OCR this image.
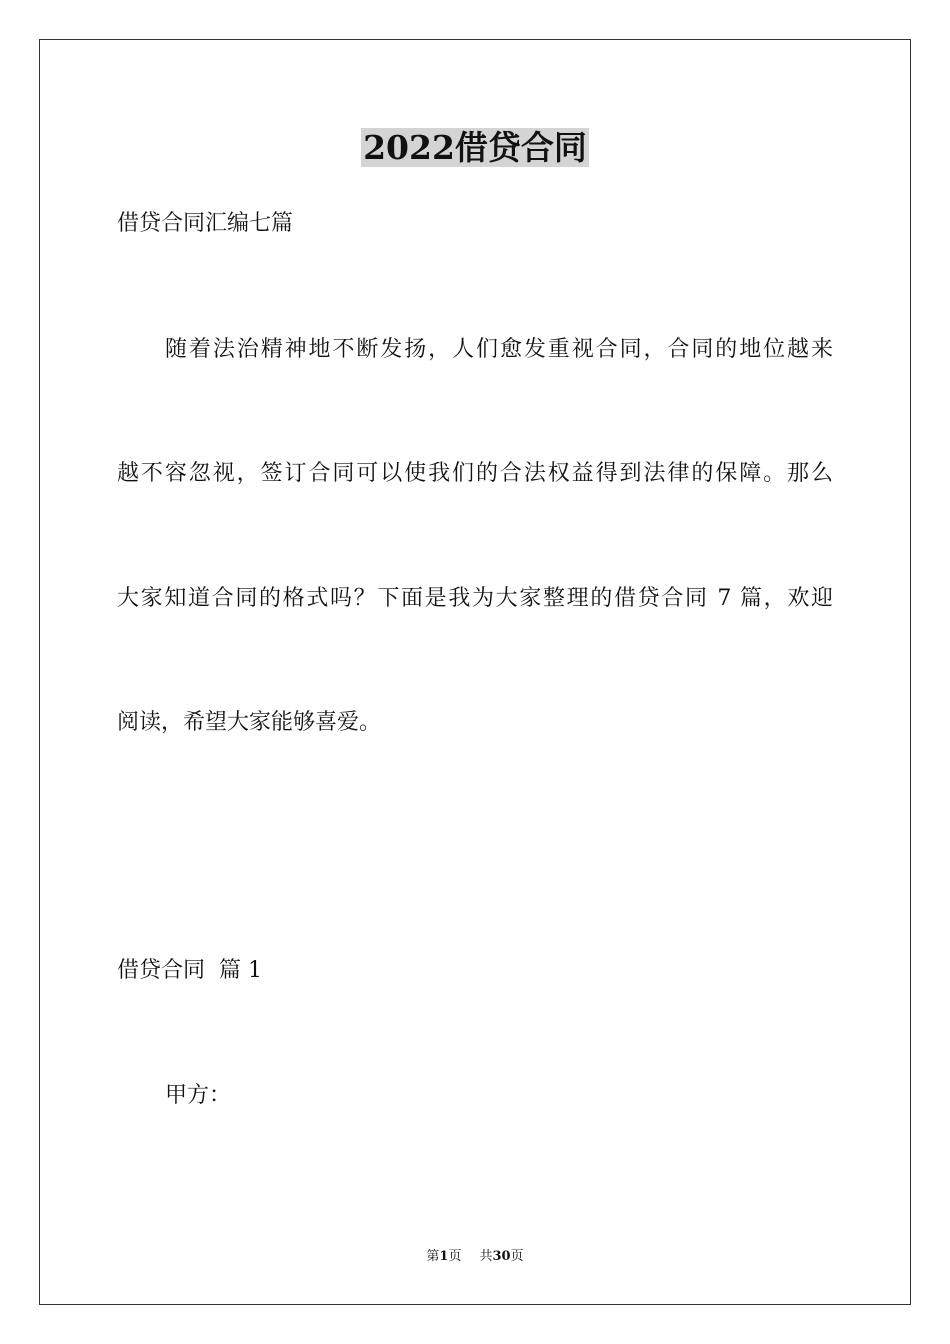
2022借贷合同
借贷合同汇编七篇
随着法治精神地不断发扬，人们愈发重视合同，合同的地位越来
越不容忽视，签订合同可以使我们的合法权益得到法律的保障。那么
大家知道合同的格式吗？下面是我为大家整理的借贷合同 7 篇，欢迎
阅读，希望大家能够喜爱。
借贷合同  篇 1
甲方：
第1页 共30页
